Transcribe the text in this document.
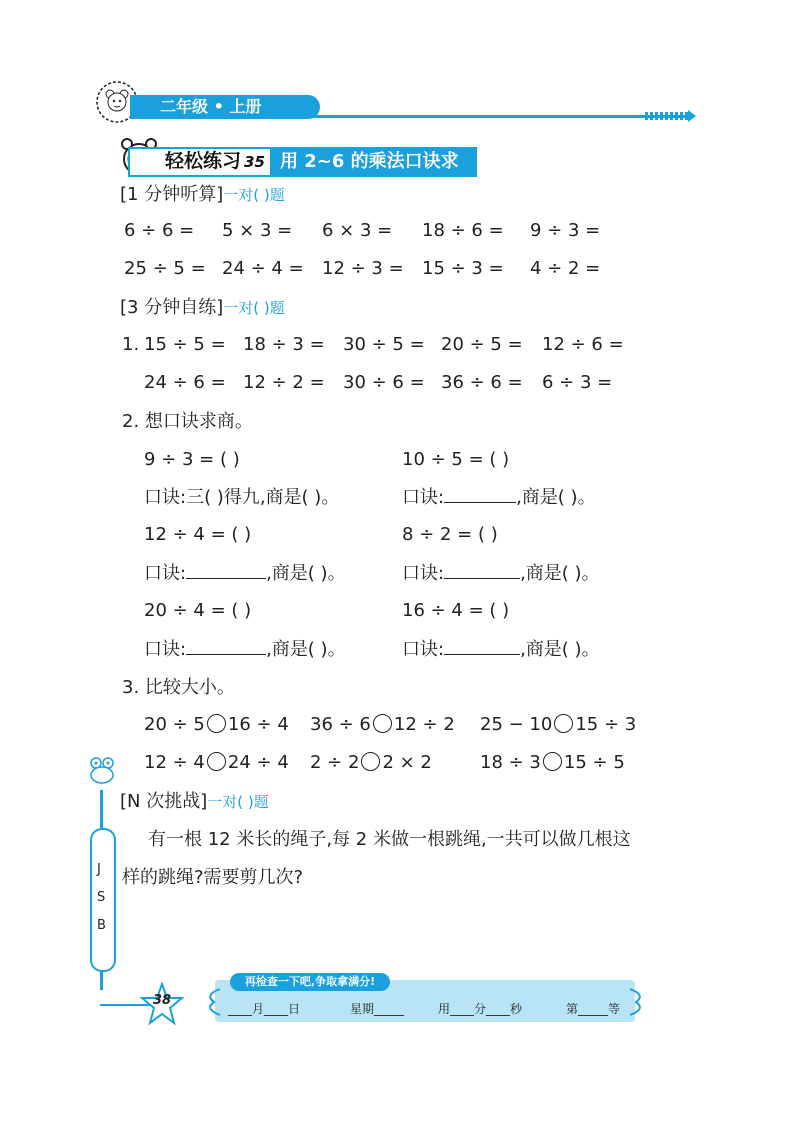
二年级 • 上册
轻松练习 35 用 2~6 的乘法口诀求商
[1 分钟听算]一对( )题
6 ÷ 6 = 5 × 3 = 6 × 3 = 18 ÷ 6 = 9 ÷ 3 =
25 ÷ 5 = 24 ÷ 4 = 12 ÷ 3 = 15 ÷ 3 = 4 ÷ 2 =
[3 分钟自练]一对( )题
1. 15 ÷ 5 = 18 ÷ 3 = 30 ÷ 5 = 20 ÷ 5 = 12 ÷ 6 =
24 ÷ 6 = 12 ÷ 2 = 30 ÷ 6 = 36 ÷ 6 = 6 ÷ 3 =
2. 想口诀求商。
9 ÷ 3 = ( )	10 ÷ 5 = ( )
口诀:三( )得九,商是( )。	口诀:	,商是( )。
12 ÷ 4 = ( )	8 ÷ 2 = ( )
口诀:	,商是( )。	口诀:	,商是( )。
20 ÷ 4 = ( )	16 ÷ 4 = ( )
口诀:	,商是( )。	口诀:	,商是( )。
3. 比较大小。
20 ÷ 5 16 ÷ 4 36 ÷ 6 12 ÷ 2 25 − 10 15 ÷ 3
12 ÷ 4 24 ÷ 4 2 ÷ 2 2 × 2	18 ÷ 3 15 ÷ 5
[N 次挑战]一对( )题
有一根 12 米长的绳子,每 2 米做一根跳绳,一共可以做几根这
样的跳绳?需要剪几次?
J
S
B
38
再检查一下吧,争取拿满分!
____月____日	星期_____	用____分____秒	第_____等
